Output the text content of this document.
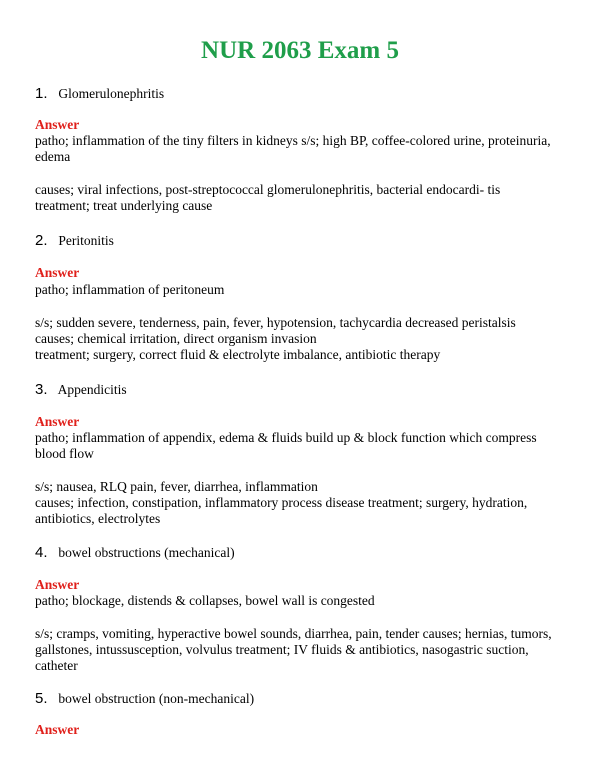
NUR 2063 Exam 5
1. Glomerulonephritis
Answer
patho; inflammation of the tiny filters in kidneys s/s; high BP, coffee-colored urine, proteinuria,
edema
causes; viral infections, post-streptococcal glomerulonephritis, bacterial endocardi- tis
treatment; treat underlying cause
2. Peritonitis
Answer
patho; inflammation of peritoneum
s/s; sudden severe, tenderness, pain, fever, hypotension, tachycardia decreased peristalsis
causes; chemical irritation, direct organism invasion
treatment; surgery, correct fluid & electrolyte imbalance, antibiotic therapy
3. Appendicitis
Answer
patho; inflammation of appendix, edema & fluids build up & block function which compress
blood flow
s/s; nausea, RLQ pain, fever, diarrhea, inflammation
causes; infection, constipation, inflammatory process disease treatment; surgery, hydration,
antibiotics, electrolytes
4. bowel obstructions (mechanical)
Answer
patho; blockage, distends & collapses, bowel wall is congested
s/s; cramps, vomiting, hyperactive bowel sounds, diarrhea, pain, tender causes; hernias, tumors,
gallstones, intussusception, volvulus treatment; IV fluids & antibiotics, nasogastric suction,
catheter
5. bowel obstruction (non-mechanical)
Answer
